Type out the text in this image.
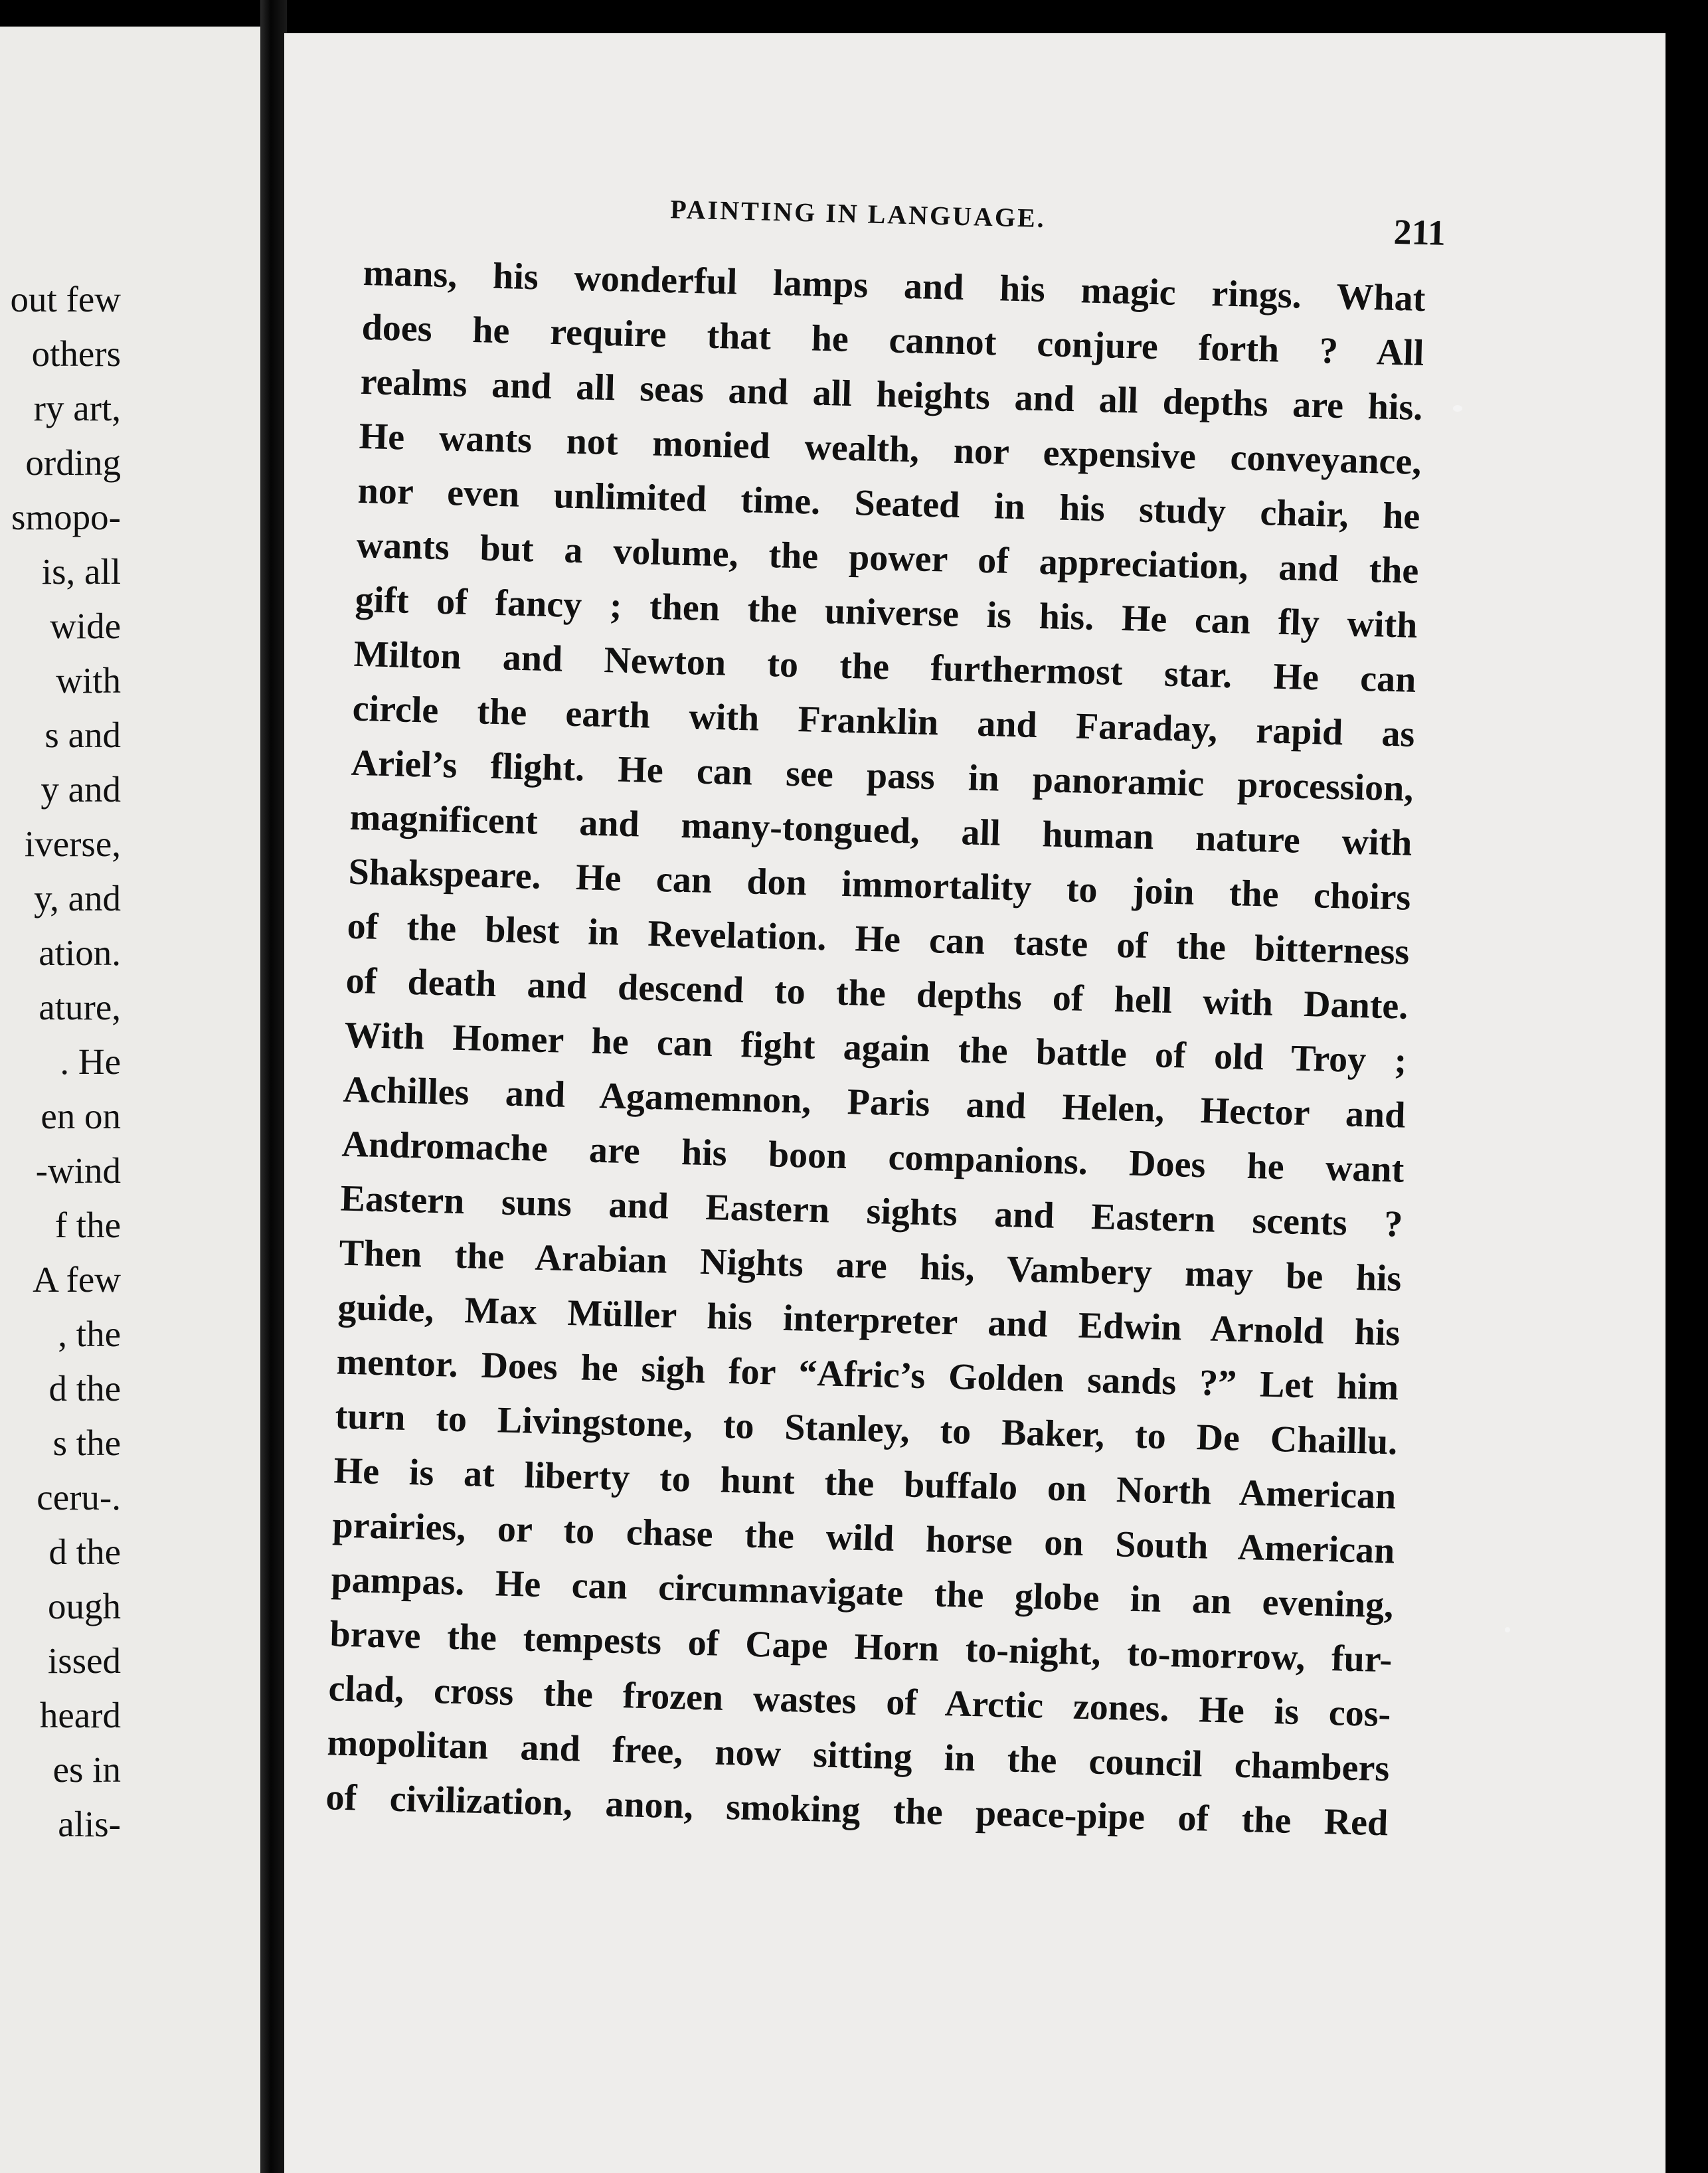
out few
others
ry art,
ording
smopo-
is, all
wide
with
s and
y and
iverse,
y, and
ation.
ature,
. He
en on
-wind
f the
A few
, the
d the
s the
ceru-.
d the
ough
issed
heard
es in
alis-
PAINTING IN LANGUAGE.	211
mans, his wonderful lamps and his magic rings. What
does he require that he cannot conjure forth ? All
realms and all seas and all heights and all depths are his.
He wants not monied wealth, nor expensive conveyance,
nor even unlimited time. Seated in his study chair, he
wants but a volume, the power of appreciation, and the
gift of fancy ; then the universe is his. He can fly with
Milton and Newton to the furthermost star. He can
circle the earth with Franklin and Faraday, rapid as
Ariel’s flight. He can see pass in panoramic procession,
magnificent and many-tongued, all human nature with
Shakspeare. He can don immortality to join the choirs
of the blest in Revelation. He can taste of the bitterness
of death and descend to the depths of hell with Dante.
With Homer he can fight again the battle of old Troy ;
Achilles and Agamemnon, Paris and Helen, Hector and
Andromache are his boon companions. Does he want
Eastern suns and Eastern sights and Eastern scents ?
Then the Arabian Nights are his, Vambery may be his
guide, Max Müller his interpreter and Edwin Arnold his
mentor. Does he sigh for “Afric’s Golden sands ?” Let him
turn to Livingstone, to Stanley, to Baker, to De Chaillu.
He is at liberty to hunt the buffalo on North American
prairies, or to chase the wild horse on South American
pampas. He can circumnavigate the globe in an evening,
brave the tempests of Cape Horn to-night, to-morrow, fur-
clad, cross the frozen wastes of Arctic zones. He is cos-
mopolitan and free, now sitting in the council chambers
of civilization, anon, smoking the peace-pipe of the Red
